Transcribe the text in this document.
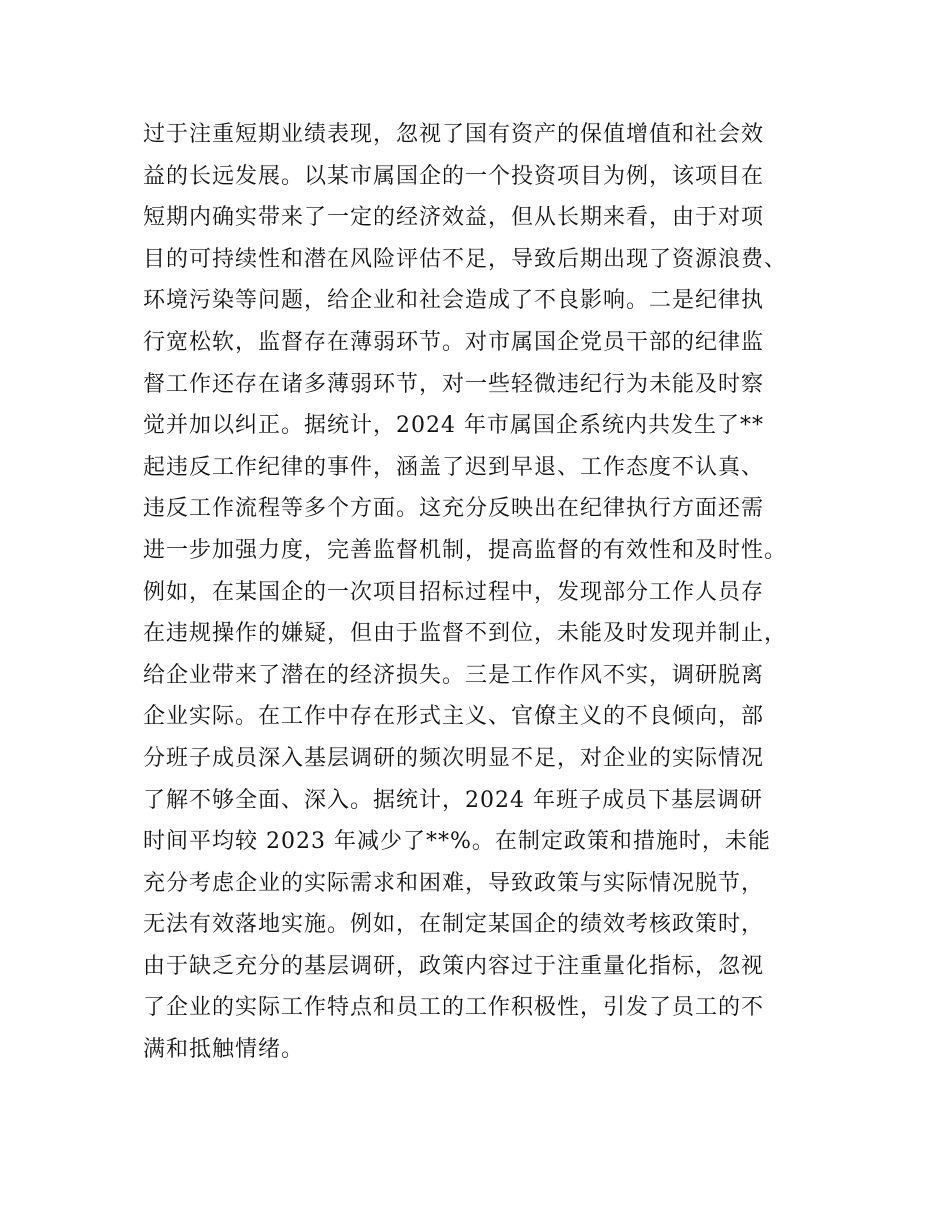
过于注重短期业绩表现，忽视了国有资产的保值增值和社会效
益的长远发展。以某市属国企的一个投资项目为例，该项目在
短期内确实带来了一定的经济效益，但从长期来看，由于对项
目的可持续性和潜在风险评估不足，导致后期出现了资源浪费、
环境污染等问题，给企业和社会造成了不良影响。二是纪律执
行宽松软，监督存在薄弱环节。对市属国企党员干部的纪律监
督工作还存在诸多薄弱环节，对一些轻微违纪行为未能及时察
觉并加以纠正。据统计，2024 年市属国企系统内共发生了**
起违反工作纪律的事件，涵盖了迟到早退、工作态度不认真、
违反工作流程等多个方面。这充分反映出在纪律执行方面还需
进一步加强力度，完善监督机制，提高监督的有效性和及时性。
例如，在某国企的一次项目招标过程中，发现部分工作人员存
在违规操作的嫌疑，但由于监督不到位，未能及时发现并制止，
给企业带来了潜在的经济损失。三是工作作风不实，调研脱离
企业实际。在工作中存在形式主义、官僚主义的不良倾向，部
分班子成员深入基层调研的频次明显不足，对企业的实际情况
了解不够全面、深入。据统计，2024 年班子成员下基层调研
时间平均较 2023 年减少了**%。在制定政策和措施时，未能
充分考虑企业的实际需求和困难，导致政策与实际情况脱节，
无法有效落地实施。例如，在制定某国企的绩效考核政策时，
由于缺乏充分的基层调研，政策内容过于注重量化指标，忽视
了企业的实际工作特点和员工的工作积极性，引发了员工的不
满和抵触情绪。
